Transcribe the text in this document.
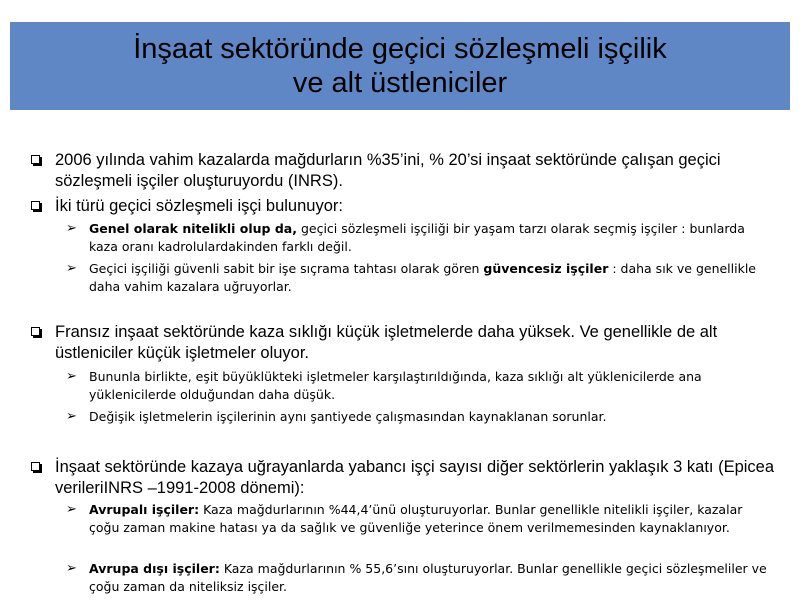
İnşaat sektöründe geçici sözleşmeli işçilik
ve alt üstleniciler
2006 yılında vahim kazalarda mağdurların %35’ini, % 20’si inşaat sektöründe çalışan geçici sözleşmeli işçiler oluşturuyordu (INRS).
İki türü geçici sözleşmeli işçi bulunuyor:
➢ Genel olarak nitelikli olup da, geçici sözleşmeli işçiliği bir yaşam tarzı olarak seçmiş işçiler : bunlarda kaza oranı kadrolulardakinden farklı değil.
➢ Geçici işçiliği güvenli sabit bir işe sıçrama tahtası olarak gören güvencesiz işçiler : daha sık ve genellikle daha vahim kazalara uğruyorlar.
Fransız inşaat sektöründe kaza sıklığı küçük işletmelerde daha yüksek. Ve genellikle de alt üstleniciler küçük işletmeler oluyor.
➢ Bununla birlikte, eşit büyüklükteki işletmeler karşılaştırıldığında, kaza sıklığı alt yüklenicilerde ana yüklenicilerde olduğundan daha düşük.
➢ Değişik işletmelerin işçilerinin aynı şantiyede çalışmasından kaynaklanan sorunlar.
İnşaat sektöründe kazaya uğrayanlarda yabancı işçi sayısı diğer sektörlerin yaklaşık 3 katı (Epicea verileriINRS –1991-2008 dönemi):
➢ Avrupalı işçiler: Kaza mağdurlarının %44,4’ünü oluşturuyorlar. Bunlar genellikle nitelikli işçiler, kazalar çoğu zaman makine hatası ya da sağlık ve güvenliğe yeterince önem verilmemesinden kaynaklanıyor.
➢ Avrupa dışı işçiler: Kaza mağdurlarının % 55,6’sını oluşturuyorlar. Bunlar genellikle geçici sözleşmeliler ve çoğu zaman da niteliksiz işçiler.
